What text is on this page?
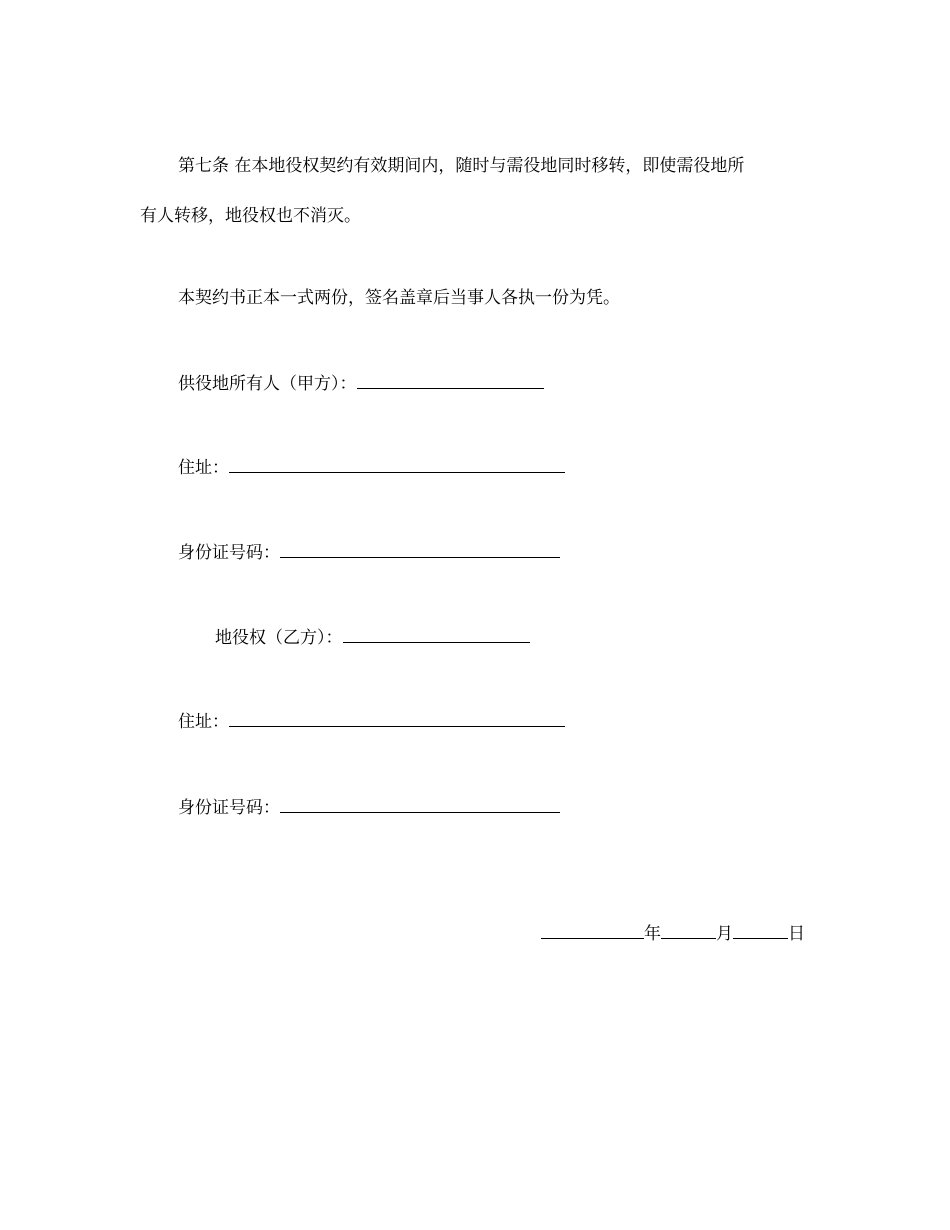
第七条 在本地役权契约有效期间内，随时与需役地同时移转，即使需役地所
有人转移，地役权也不消灭。
本契约书正本一式两份，签名盖章后当事人各执一份为凭。
供役地所有人（甲方）：
住址：
身份证号码：
地役权（乙方）：
住址：
身份证号码：
年	月	日
